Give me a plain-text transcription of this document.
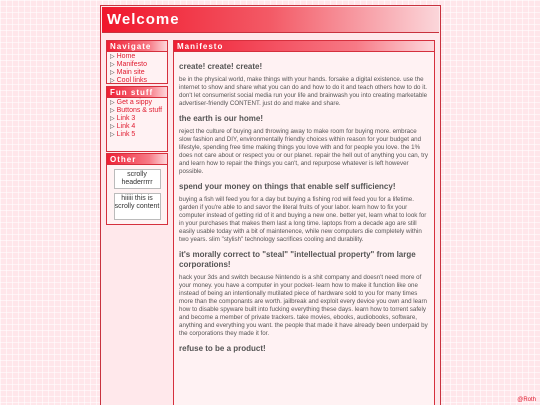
Welcome
Navigate
▷ Home
▷ Manifesto
▷ Main site
▷ Cool links
Fun stuff
▷ Get a sippy
▷ Buttons & stuff
▷ Link 3
▷ Link 4
▷ Link 5
Other
scrolly headerrrrr
hiiiii this is scrolly content
Manifesto
create! create! create!

be in the physical world, make things with your hands. forsake a digital existence. use the internet to show and share what you can do and how to do it and teach others how to do it. don't let consumerist social media run your life and brainwash you into creating marketable advertiser-friendly CONTENT. just do and make and share.

the earth is our home!

reject the culture of buying and throwing away to make room for buying more. embrace slow fashion and DIY, environmentally friendly choices within reason for your budget and lifestyle, spending free time making things you love with and for people you love. the 1% does not care about or respect you or our planet. repair the hell out of anything you can, try and learn how to repair the things you can't, and repurpose whatever is left however possible.

spend your money on things that enable self sufficiency!

buying a fish will feed you for a day but buying a fishing rod will feed you for a lifetime. garden if you're able to and savor the literal fruits of your labor. learn how to fix your computer instead of getting rid of it and buying a new one. better yet, learn what to look for in your purchases that makes them last a long time. laptops from a decade ago are still easily usable today with a bit of maintenence, while new computers die completely within two years. slim "stylish" technology sacrifices cooling and durability.

it's morally correct to "steal" "intellectual property" from large corporations!

hack your 3ds and switch because Nintendo is a shit company and doesn't need more of your money. you have a computer in your pocket- learn how to make it function like one instead of being an intentionally mutilated piece of hardware sold to you for many times more than the componants are worth. jailbreak and exploit every device you own and learn how to disable spyware built into fucking everything these days. learn how to torrent safely and become a member of private trackers. take movies, ebooks, audiobooks, software, anything and everything you want. the people that made it have already been underpaid by the corporations they made it for.

refuse to be a product!
@Roth
